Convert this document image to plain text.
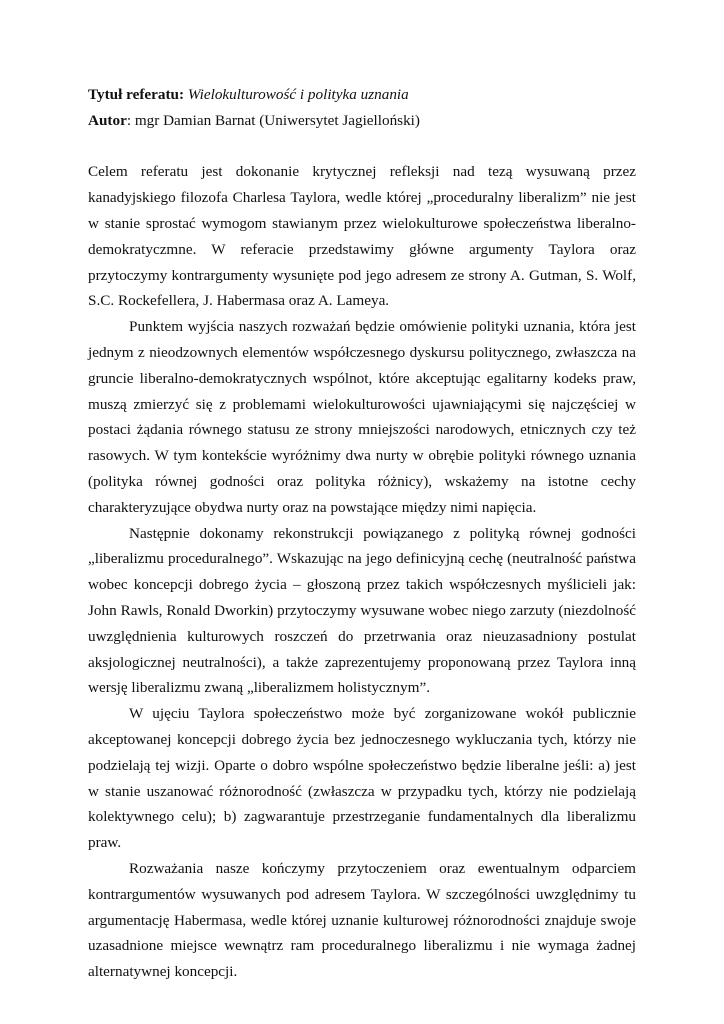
Tytuł referatu: Wielokulturowość i polityka uznania

Autor: mgr Damian Barnat (Uniwersytet Jagielloński)

Celem referatu jest dokonanie krytycznej refleksji nad tezą wysuwaną przez kanadyjskiego filozofa Charlesa Taylora, wedle której „proceduralny liberalizm” nie jest w stanie sprostać wymogom stawianym przez wielokulturowe społeczeństwa liberalno-demokratyczmne. W referacie przedstawimy główne argumenty Taylora oraz przytoczymy kontrargumenty wysunięte pod jego adresem ze strony A. Gutman, S. Wolf, S.C. Rockefellera, J. Habermasa oraz A. Lameya.

Punktem wyjścia naszych rozważań będzie omówienie polityki uznania, która jest jednym z nieodzownych elementów współczesnego dyskursu politycznego, zwłaszcza na gruncie liberalno-demokratycznych wspólnot, które akceptując egalitarny kodeks praw, muszą zmierzyć się z problemami wielokulturowości ujawniającymi się najczęściej w postaci żądania równego statusu ze strony mniejszości narodowych, etnicznych czy też rasowych. W tym kontekście wyróżnimy dwa nurty w obrębie polityki równego uznania (polityka równej godności oraz polityka różnicy), wskażemy na istotne cechy charakteryzujące obydwa nurty oraz na powstające między nimi napięcia.

Następnie dokonamy rekonstrukcji powiązanego z polityką równej godności „liberalizmu proceduralnego”. Wskazując na jego definicyjną cechę (neutralność państwa wobec koncepcji dobrego życia – głoszoną przez takich współczesnych myślicieli jak: John Rawls, Ronald Dworkin) przytoczymy wysuwane wobec niego zarzuty (niezdolność uwzględnienia kulturowych roszczeń do przetrwania oraz nieuzasadniony postulat aksjologicznej neutralności), a także zaprezentujemy proponowaną przez Taylora inną wersję liberalizmu zwaną „liberalizmem holistycznym”.

W ujęciu Taylora społeczeństwo może być zorganizowane wokół publicznie akceptowanej koncepcji dobrego życia bez jednoczesnego wykluczania tych, którzy nie podzielają tej wizji. Oparte o dobro wspólne społeczeństwo będzie liberalne jeśli: a) jest w stanie uszanować różnorodność (zwłaszcza w przypadku tych, którzy nie podzielają kolektywnego celu); b) zagwarantuje przestrzeganie fundamentalnych dla liberalizmu praw.

Rozważania nasze kończymy przytoczeniem oraz ewentualnym odparciem kontrargumentów wysuwanych pod adresem Taylora. W szczególności uwzględnimy tu argumentację Habermasa, wedle której uznanie kulturowej różnorodności znajduje swoje uzasadnione miejsce wewnątrz ram proceduralnego liberalizmu i nie wymaga żadnej alternatywnej koncepcji.
